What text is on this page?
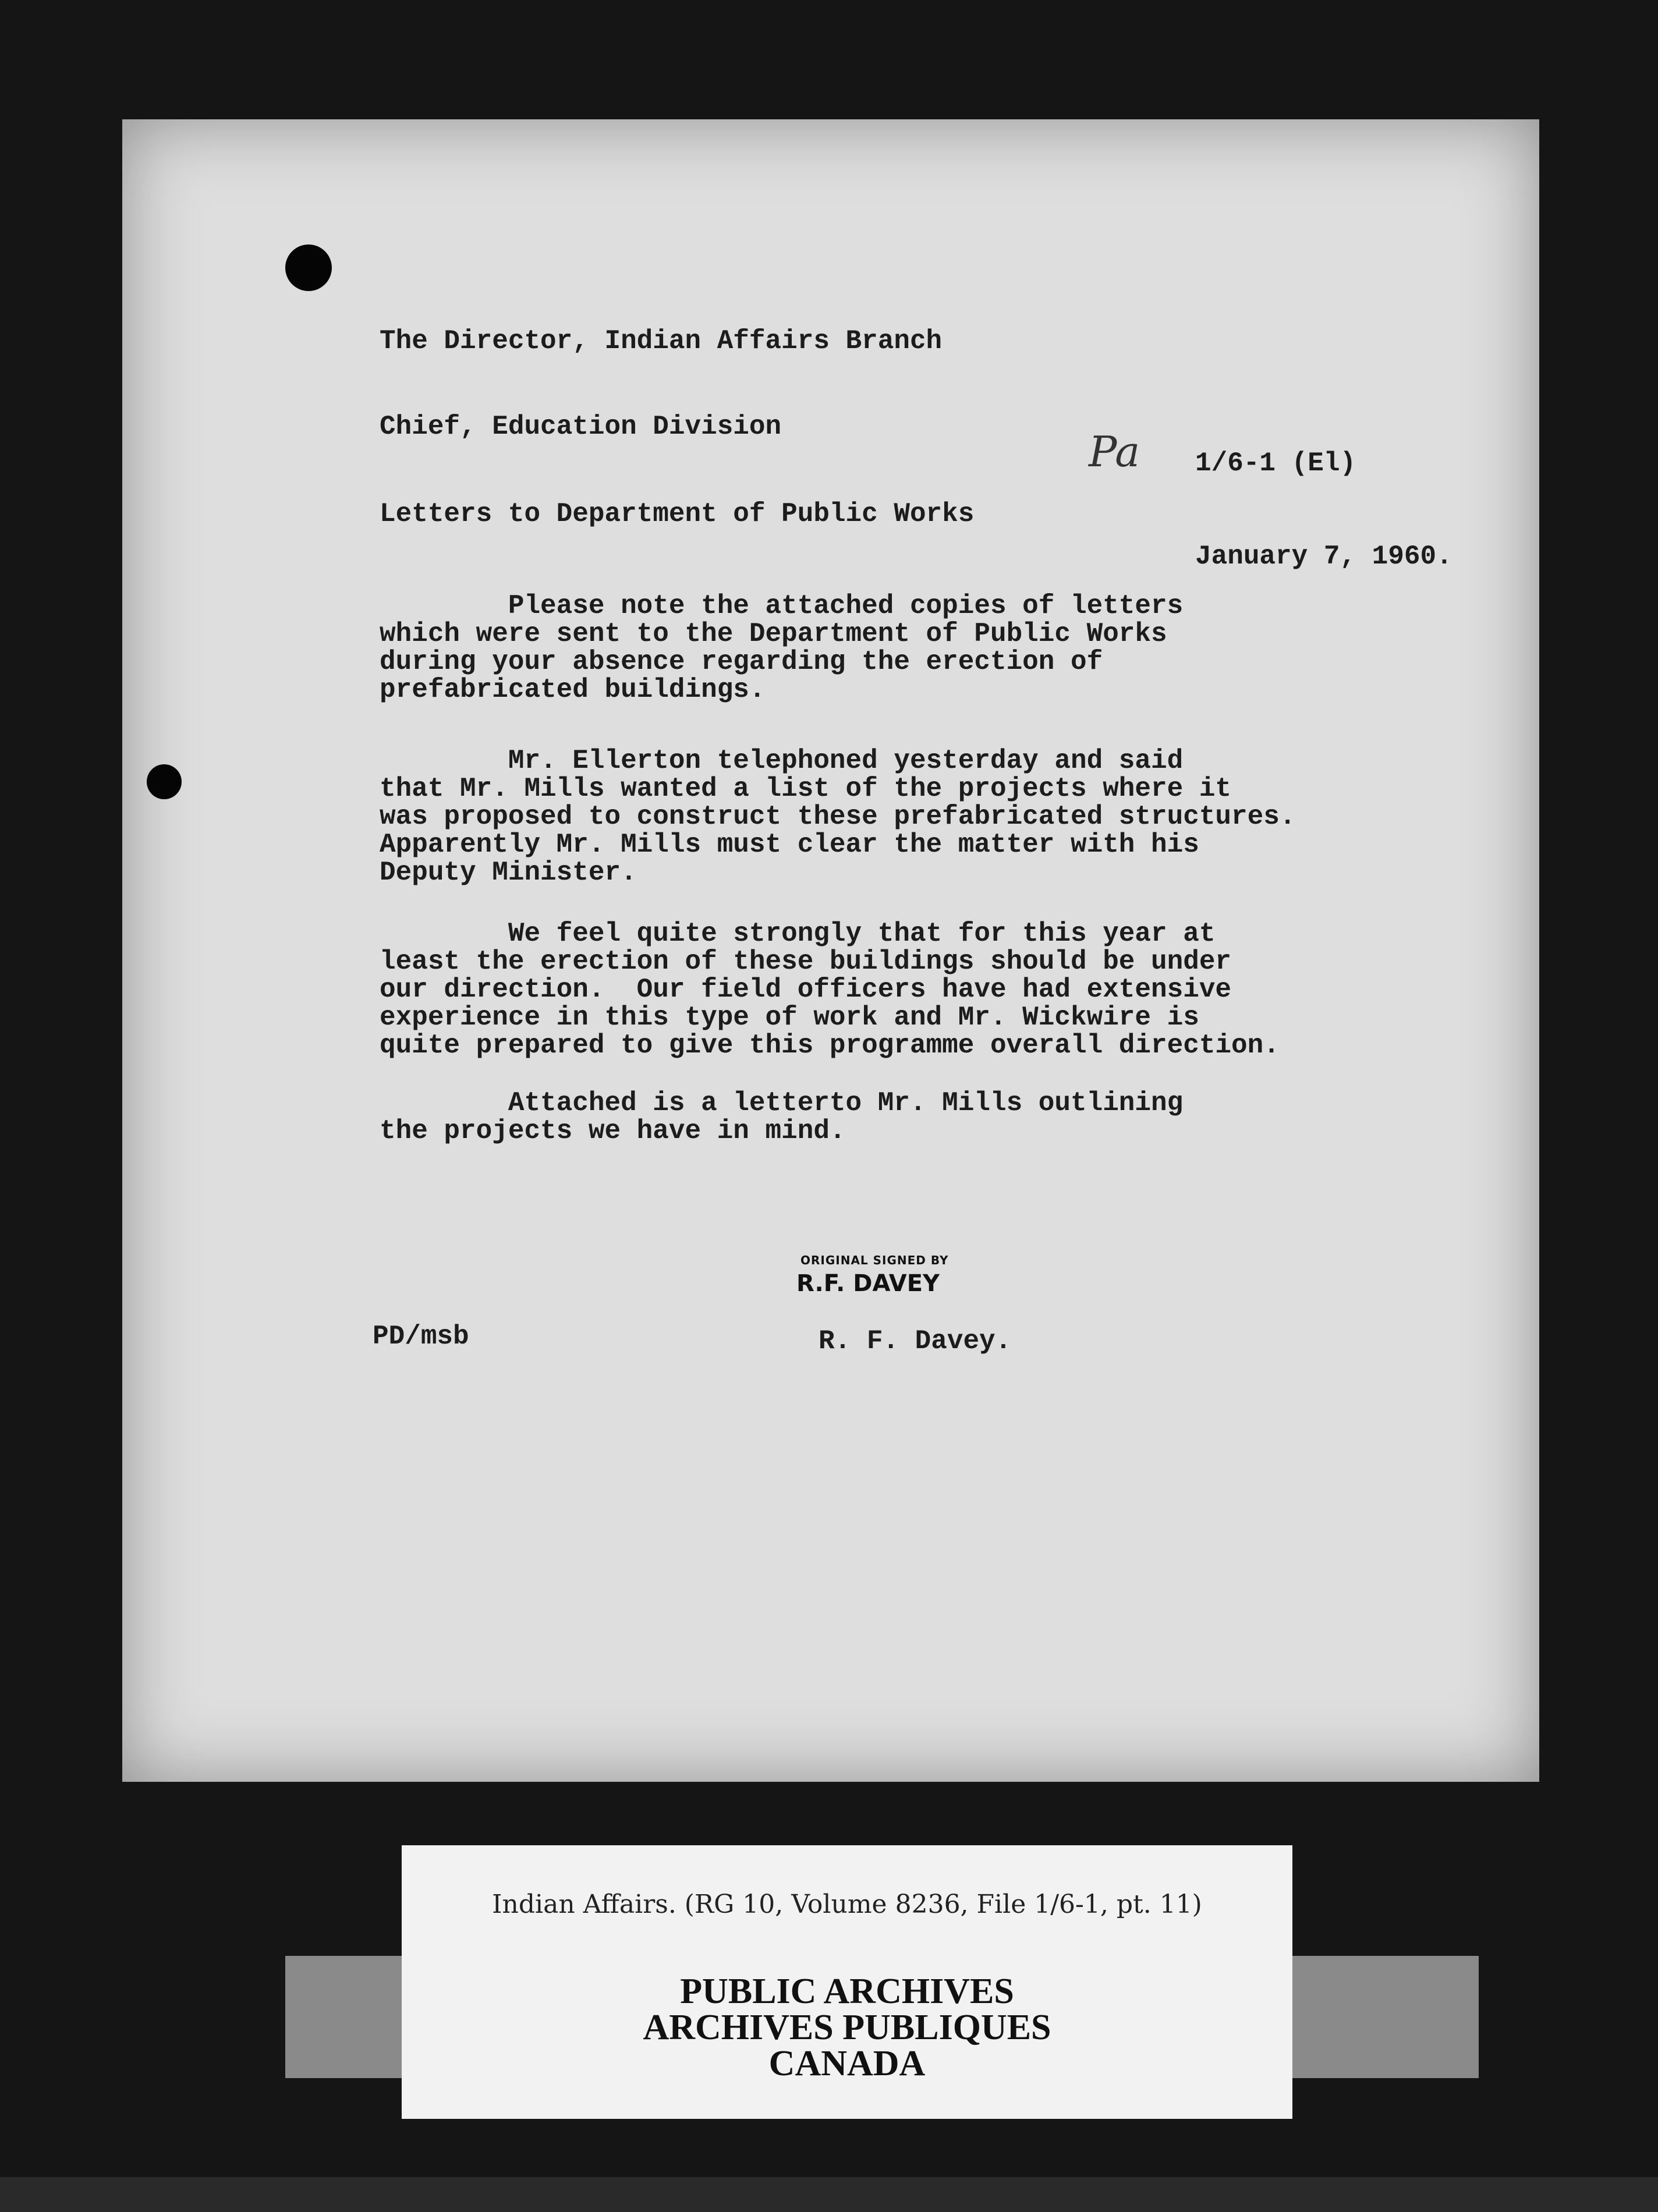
The Director, Indian Affairs Branch
Chief, Education Division
Pa 1/6-1 (El)
Letters to Department of Public Works
January 7, 1960.
Please note the attached copies of letters
which were sent to the Department of Public Works
during your absence regarding the erection of
prefabricated buildings.
Mr. Ellerton telephoned yesterday and said
that Mr. Mills wanted a list of the projects where it
was proposed to construct these prefabricated structures.
Apparently Mr. Mills must clear the matter with his
Deputy Minister.
We feel quite strongly that for this year at
least the erection of these buildings should be under
our direction.  Our field officers have had extensive
experience in this type of work and Mr. Wickwire is
quite prepared to give this programme overall direction.
Attached is a letterto Mr. Mills outlining
the projects we have in mind.
ORIGINAL SIGNED BY
R.F. DAVEY
PD/msb	R. F. Davey.
Indian Affairs. (RG 10, Volume 8236, File 1/6-1, pt. 11)
PUBLIC ARCHIVES
ARCHIVES PUBLIQUES
CANADA
